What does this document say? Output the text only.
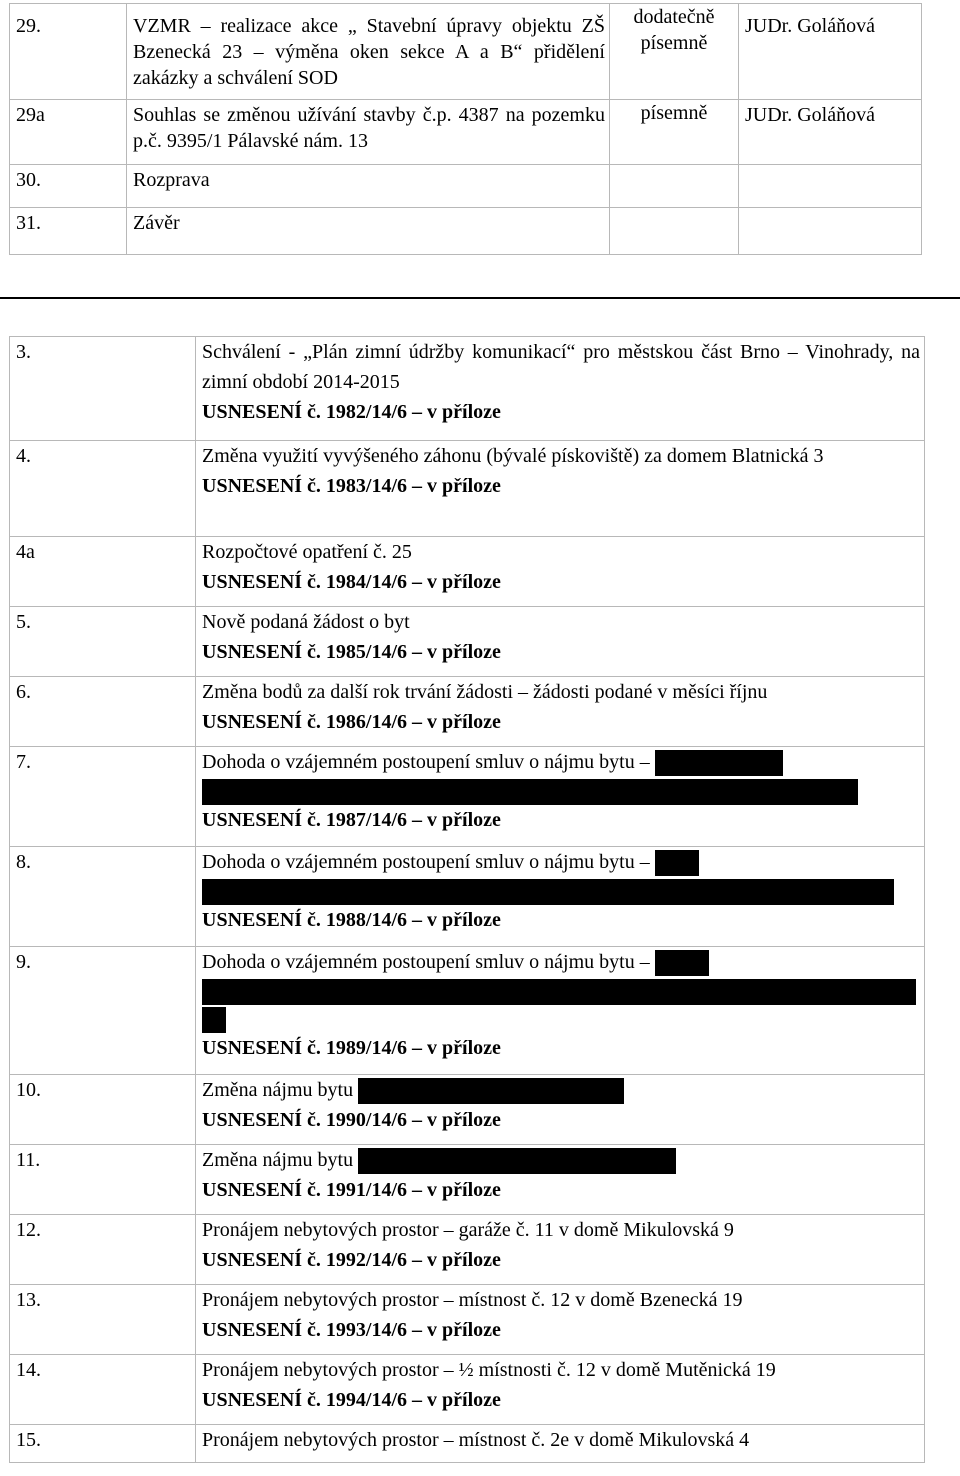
29.	VZMR – realizace akce „ Stavební úpravy objektu ZŠ Bzenecká 23 – výměna oken sekce A a B“ přidělení zakázky a schválení SOD	dodatečně písemně	JUDr. Goláňová
29a	Souhlas se změnou užívání stavby č.p. 4387 na pozemku p.č. 9395/1 Pálavské nám. 13	písemně	JUDr. Goláňová
30.	Rozprava		
31.	Závěr		
3.	Schválení - „Plán zimní údržby komunikací“ pro městskou část Brno – Vinohrady, na zimní období 2014-2015
USNESENÍ č. 1982/14/6 – v příloze

4.	Změna využití vyvýšeného záhonu (bývalé pískoviště) za domem Blatnická 3
USNESENÍ č. 1983/14/6 – v příloze

4a	Rozpočtové opatření č. 25
USNESENÍ č. 1984/14/6 – v příloze

5.	Nově podaná žádost o byt
USNESENÍ č. 1985/14/6 – v příloze

6.	Změna bodů za další rok trvání žádosti – žádosti podané v měsíci říjnu
USNESENÍ č. 1986/14/6 – v příloze

7.	Dohoda o vzájemném postoupení smluv o nájmu bytu –
USNESENÍ č. 1987/14/6 – v příloze

8.	Dohoda o vzájemném postoupení smluv o nájmu bytu –
USNESENÍ č. 1988/14/6 – v příloze

9.	Dohoda o vzájemném postoupení smluv o nájmu bytu –
USNESENÍ č. 1989/14/6 – v příloze

10.	Změna nájmu bytu
USNESENÍ č. 1990/14/6 – v příloze

11.	Změna nájmu bytu
USNESENÍ č. 1991/14/6 – v příloze

12.	Pronájem nebytových prostor – garáže č. 11 v domě Mikulovská 9
USNESENÍ č. 1992/14/6 – v příloze

13.	Pronájem nebytových prostor – místnost č. 12 v domě Bzenecká 19
USNESENÍ č. 1993/14/6 – v příloze

14.	Pronájem nebytových prostor – ½ místnosti č. 12 v domě Mutěnická 19
USNESENÍ č. 1994/14/6 – v příloze

15.	Pronájem nebytových prostor – místnost č. 2e v domě Mikulovská 4
